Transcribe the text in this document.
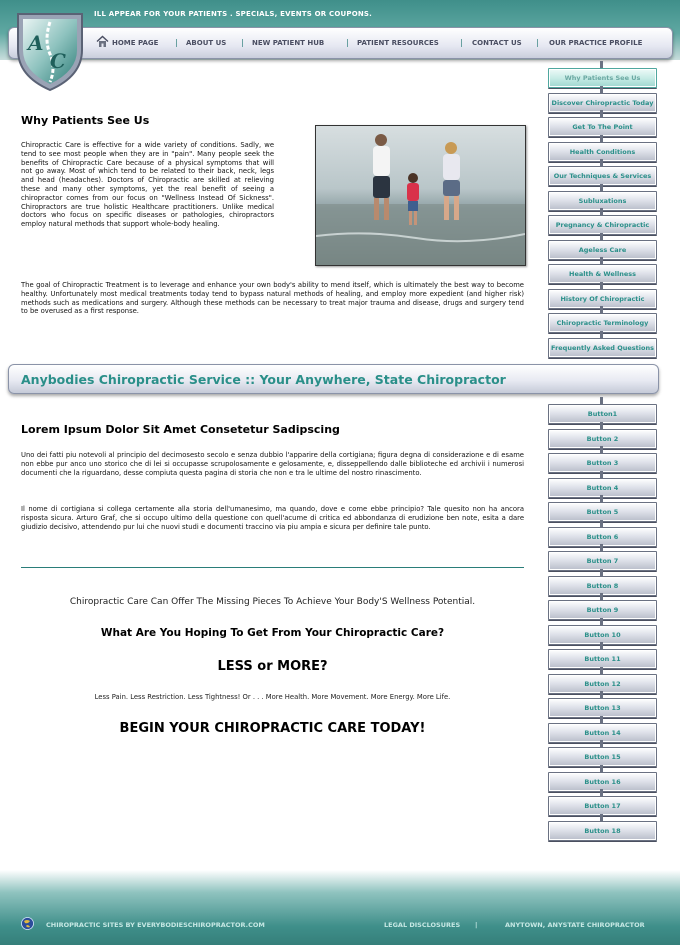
ILL APPEAR FOR YOUR PATIENTS . SPECIALS, EVENTS OR COUPONS.
HOME PAGE | ABOUT US | NEW PATIENT HUB	| PATIENT RESOURCES	| CONTACT US | OUR PRACTICE PROFILE
A
C
Why Patients See Us
Chiropractic Care is effective for a wide variety of conditions. Sadly, we tend to see most people when they are in "pain". Many people seek the benefits of Chiropractic Care because of a physical symptoms that will not go away. Most of which tend to be related to their back, neck, legs and head (headaches). Doctors of Chiropractic are skilled at relieving these and many other symptoms, yet the real benefit of seeing a chiropractor comes from our focus on "Wellness Instead Of Sickness". Chiropractors are true holistic Healthcare practitioners. Unlike medical doctors who focus on specific diseases or pathologies, chiropractors employ natural methods that support whole-body healing.
The goal of Chiropractic Treatment is to leverage and enhance your own body's ability to mend itself, which is ultimately the best way to become healthy. Unfortunately most medical treatments today tend to bypass natural methods of healing, and employ more expedient (and higher risk) methods such as medications and surgery. Although these methods can be necessary to treat major trauma and disease, drugs and surgery tend to be overused as a first response.
Anybodies Chiropractic Service :: Your Anywhere, State Chiropractor
Lorem Ipsum Dolor Sit Amet Consetetur Sadipscing
Uno dei fatti piu notevoli al principio del decimosesto secolo e senza dubbio l'apparire della cortigiana; figura degna di considerazione e di esame non ebbe pur anco uno storico che di lei si occupasse scrupolosamente e gelosamente, e, disseppellendo dalle biblioteche ed archivii i numerosi documenti che la riguardano, desse compiuta questa pagina di storia che non e tra le ultime del nostro rinascimento.
Il nome di cortigiana si collega certamente alla storia dell'umanesimo, ma quando, dove e come ebbe principio? Tale quesito non ha ancora risposta sicura. Arturo Graf, che si occupo ultimo della questione con quell'acume di critica ed abbondanza di erudizione ben note, esita a dare giudizio decisivo, attendendo pur lui che nuovi studi e documenti traccino via piu ampia e sicura per definire tale punto.
Chiropractic Care Can Offer The Missing Pieces To Achieve Your Body'S Wellness Potential.
What Are You Hoping To Get From Your Chiropractic Care?
LESS or MORE?
Less Pain. Less Restriction. Less Tightness! Or . . . More Health. More Movement. More Energy. More Life.
BEGIN YOUR CHIROPRACTIC CARE TODAY!
CHIROPRACTIC SITES BY EVERYBODIESCHIROPRACTOR.COM	LEGAL DISCLOSURES |	ANYTOWN, ANYSTATE CHIROPRACTOR
Why Patients See Us
Discover Chiropractic Today
Get To The Point
Health Conditions
Our Techniques & Services
Subluxations
Pregnancy & Chiropractic
Ageless Care
Health & Wellness
History Of Chiropractic
Chiropractic Terminology
Frequently Asked Questions
Button1
Button 2
Button 3
Button 4
Button 5
Button 6
Button 7
Button 8
Button 9
Button 10
Button 11
Button 12
Button 13
Button 14
Button 15
Button 16
Button 17
Button 18
